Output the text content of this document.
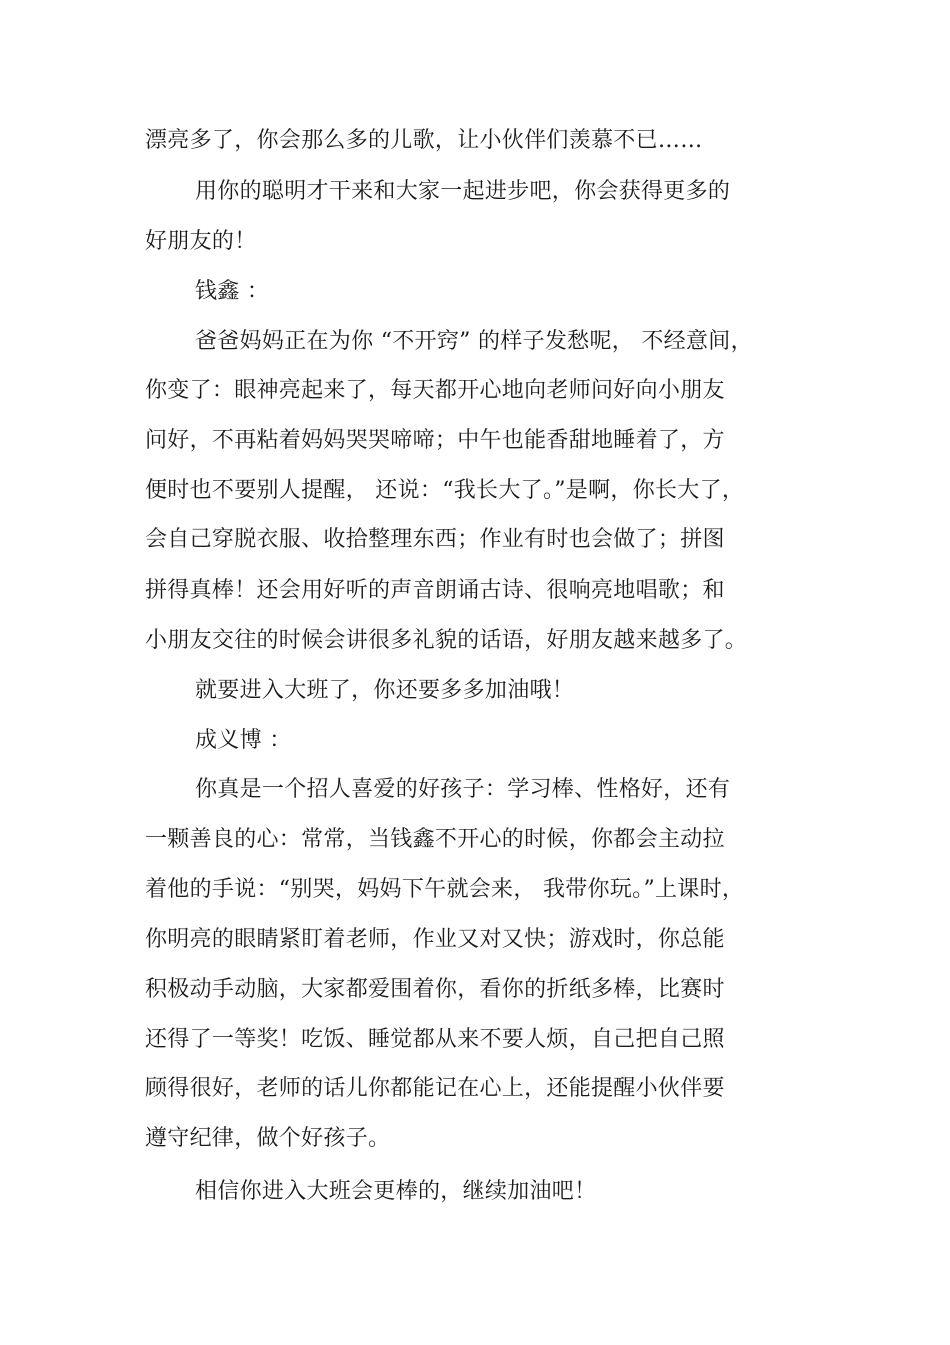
漂亮多了，你会那么多的儿歌，让小伙伴们羡慕不已……
用你的聪明才干来和大家一起进步吧，你会获得更多的
好朋友的！
钱鑫 ：
爸爸妈妈正在为你 “不开窍” 的样子发愁呢， 不经意间，
你变了：眼神亮起来了，每天都开心地向老师问好向小朋友
问好，不再粘着妈妈哭哭啼啼；中午也能香甜地睡着了，方
便时也不要别人提醒， 还说：“我长大了。”是啊，你长大了，
会自己穿脱衣服、收拾整理东西；作业有时也会做了；拼图
拼得真棒！还会用好听的声音朗诵古诗、很响亮地唱歌；和
小朋友交往的时候会讲很多礼貌的话语，好朋友越来越多了。
就要进入大班了，你还要多多加油哦！
成义博 ：
你真是一个招人喜爱的好孩子：学习棒、性格好，还有
一颗善良的心：常常，当钱鑫不开心的时候，你都会主动拉
着他的手说：“别哭，妈妈下午就会来， 我带你玩。”上课时，
你明亮的眼睛紧盯着老师，作业又对又快；游戏时，你总能
积极动手动脑，大家都爱围着你，看你的折纸多棒，比赛时
还得了一等奖！吃饭、睡觉都从来不要人烦，自己把自己照
顾得很好，老师的话儿你都能记在心上，还能提醒小伙伴要
遵守纪律，做个好孩子。
相信你进入大班会更棒的，继续加油吧！
